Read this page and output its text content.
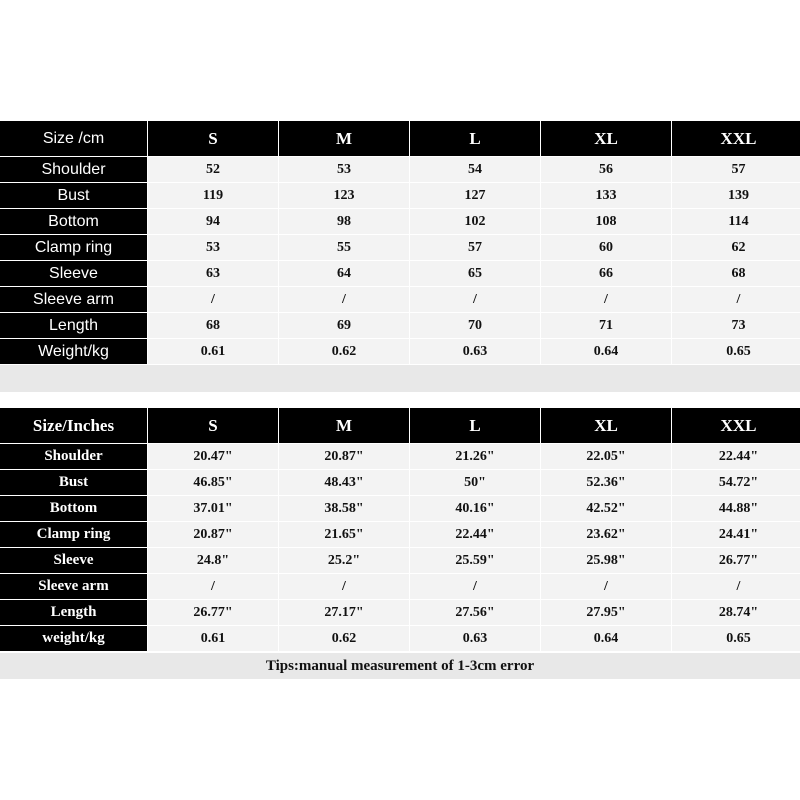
Size /cm	S	M	L	XL	XXL
Shoulder	52	53	54	56	57
Bust	119	123	127	133	139
Bottom	94	98	102	108	114
Clamp ring	53	55	57	60	62
Sleeve	63	64	65	66	68
Sleeve arm	/	/	/	/	/
Length	68	69	70	71	73
Weight/kg	0.61	0.62	0.63	0.64	0.65
Size/Inches	S	M	L	XL	XXL
Shoulder	20.47"	20.87"	21.26"	22.05"	22.44"
Bust	46.85"	48.43"	50"	52.36"	54.72"
Bottom	37.01"	38.58"	40.16"	42.52"	44.88"
Clamp ring	20.87"	21.65"	22.44"	23.62"	24.41"
Sleeve	24.8"	25.2"	25.59"	25.98"	26.77"
Sleeve arm	/	/	/	/	/
Length	26.77"	27.17"	27.56"	27.95"	28.74"
weight/kg	0.61	0.62	0.63	0.64	0.65
Tips:manual measurement of 1-3cm error
